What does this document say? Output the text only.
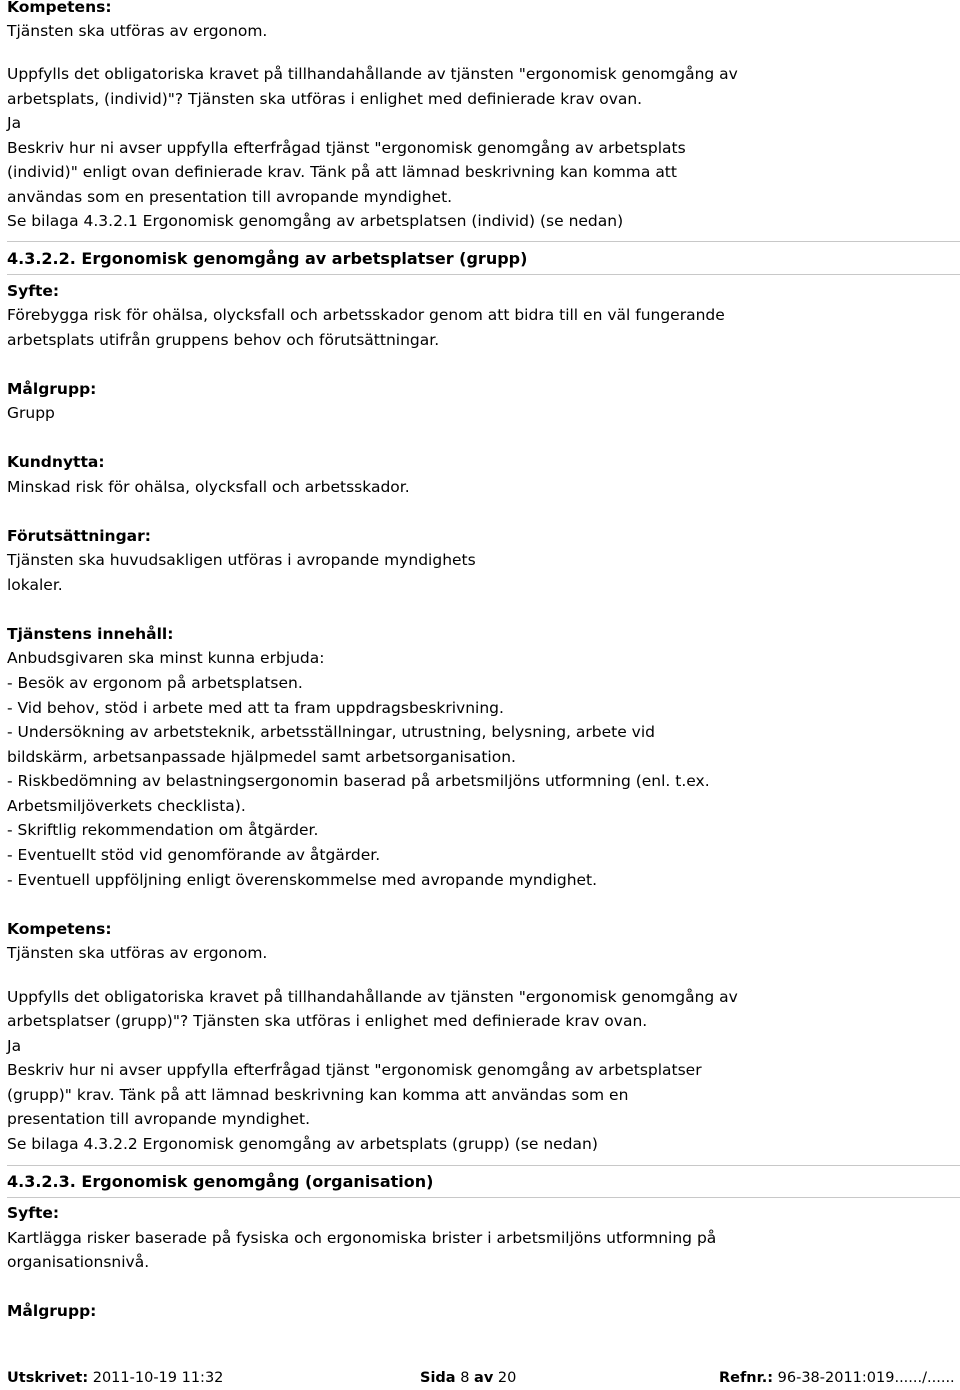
Kompetens:
Tjänsten ska utföras av ergonom.
Uppfylls det obligatoriska kravet på tillhandahållande av tjänsten "ergonomisk genomgång av
arbetsplats, (individ)"? Tjänsten ska utföras i enlighet med definierade krav ovan.
Ja
Beskriv hur ni avser uppfylla efterfrågad tjänst "ergonomisk genomgång av arbetsplats
(individ)" enligt ovan definierade krav. Tänk på att lämnad beskrivning kan komma att
användas som en presentation till avropande myndighet.
Se bilaga 4.3.2.1 Ergonomisk genomgång av arbetsplatsen (individ) (se nedan)
4.3.2.2. Ergonomisk genomgång av arbetsplatser (grupp)
Syfte:
Förebygga risk för ohälsa, olycksfall och arbetsskador genom att bidra till en väl fungerande
arbetsplats utifrån gruppens behov och förutsättningar.
Målgrupp:
Grupp
Kundnytta:
Minskad risk för ohälsa, olycksfall och arbetsskador.
Förutsättningar:
Tjänsten ska huvudsakligen utföras i avropande myndighets
lokaler.
Tjänstens innehåll:
Anbudsgivaren ska minst kunna erbjuda:
- Besök av ergonom på arbetsplatsen.
- Vid behov, stöd i arbete med att ta fram uppdragsbeskrivning.
- Undersökning av arbetsteknik, arbetsställningar, utrustning, belysning, arbete vid
bildskärm, arbetsanpassade hjälpmedel samt arbetsorganisation.
- Riskbedömning av belastningsergonomin baserad på arbetsmiljöns utformning (enl. t.ex.
Arbetsmiljöverkets checklista).
- Skriftlig rekommendation om åtgärder.
- Eventuellt stöd vid genomförande av åtgärder.
- Eventuell uppföljning enligt överenskommelse med avropande myndighet.
Kompetens:
Tjänsten ska utföras av ergonom.
Uppfylls det obligatoriska kravet på tillhandahållande av tjänsten "ergonomisk genomgång av
arbetsplatser (grupp)"? Tjänsten ska utföras i enlighet med definierade krav ovan.
Ja
Beskriv hur ni avser uppfylla efterfrågad tjänst "ergonomisk genomgång av arbetsplatser
(grupp)" krav. Tänk på att lämnad beskrivning kan komma att användas som en
presentation till avropande myndighet.
Se bilaga 4.3.2.2 Ergonomisk genomgång av arbetsplats (grupp) (se nedan)
4.3.2.3. Ergonomisk genomgång (organisation)
Syfte:
Kartlägga risker baserade på fysiska och ergonomiska brister i arbetsmiljöns utformning på
organisationsnivå.
Målgrupp:
Utskrivet: 2011-10-19 11:32	Sida 8 av 20	Refnr.: 96-38-2011:019....../......
